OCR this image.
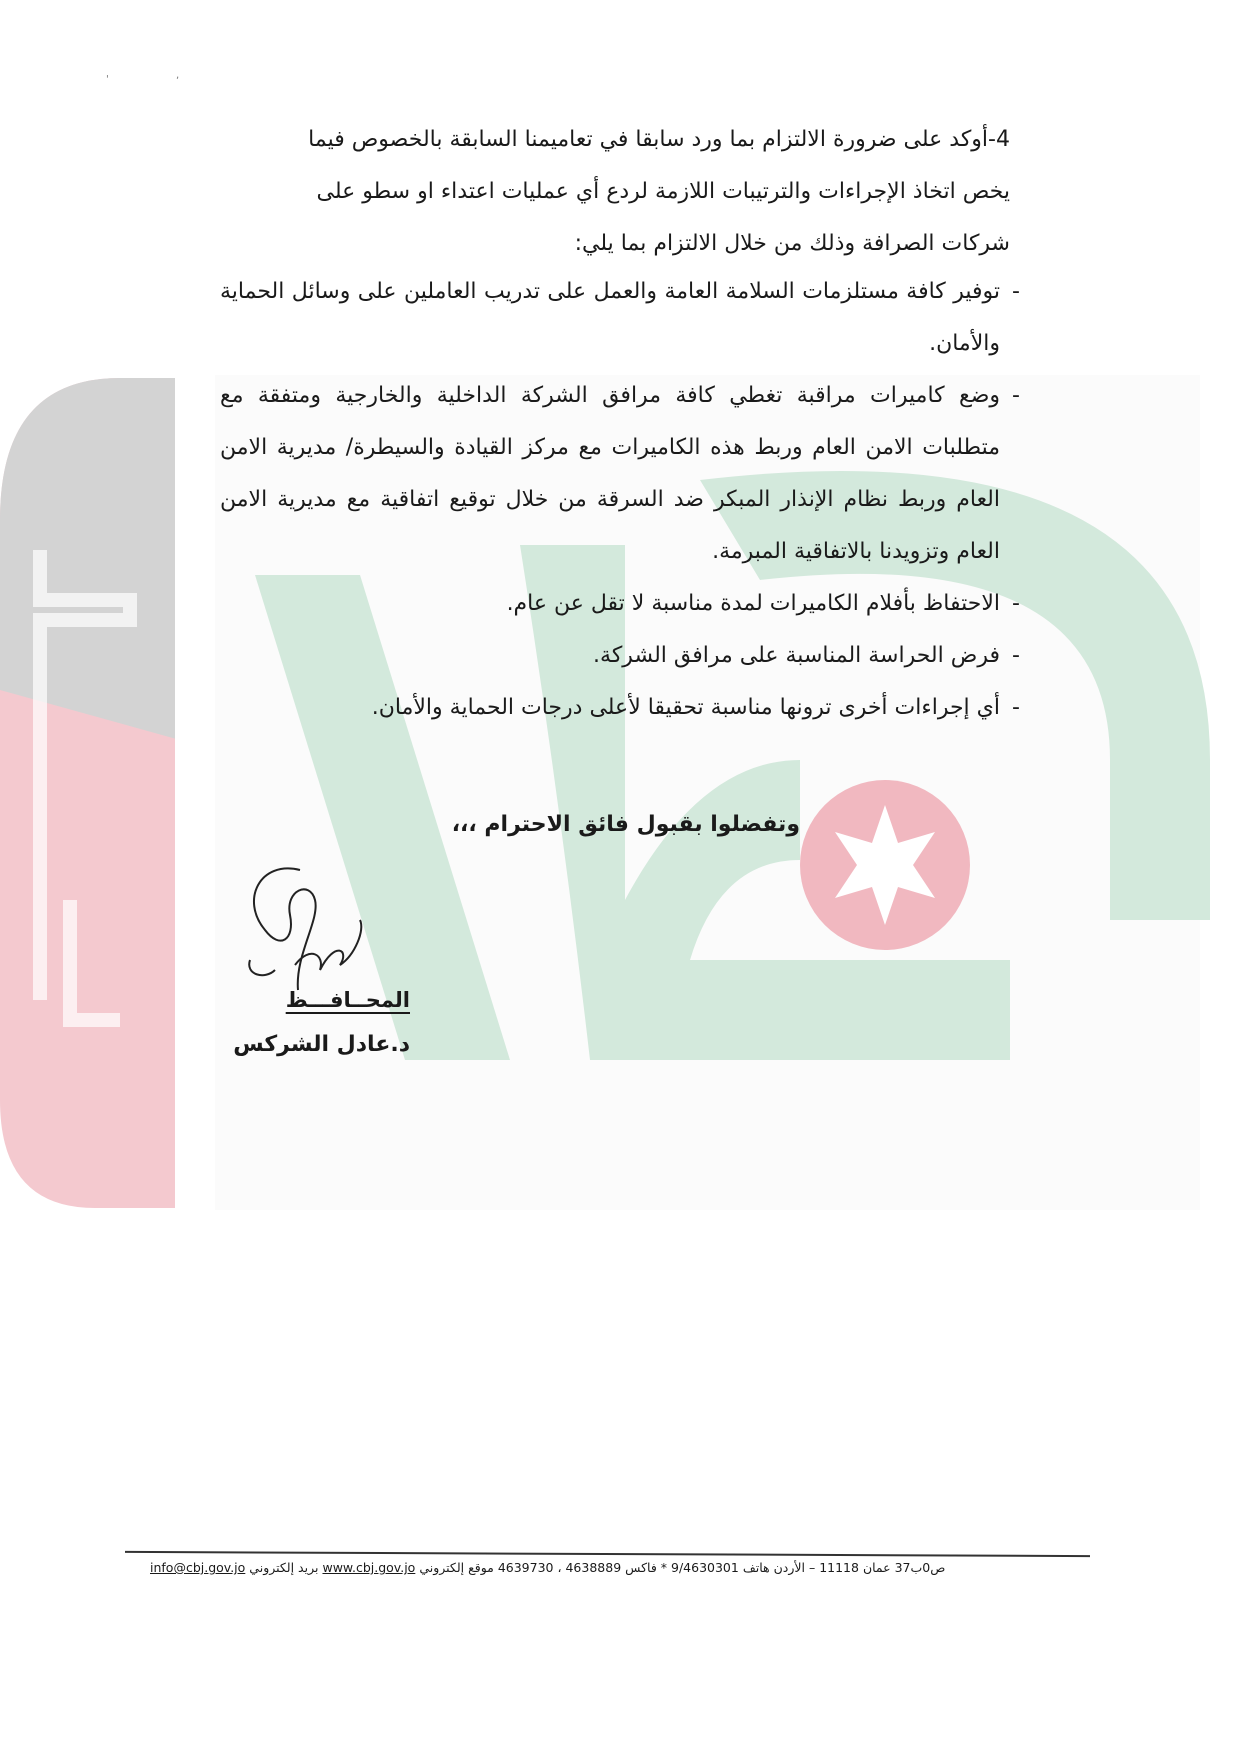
'	,

4-أوكد على ضرورة الالتزام بما ورد سابقا في تعاميمنا السابقة بالخصوص فيما

يخص اتخاذ الإجراءات والترتيبات اللازمة لردع أي عمليات اعتداء او سطو على

شركات الصرافة وذلك من خلال الالتزام بما يلي:

-
توفير كافة مستلزمات السلامة العامة والعمل على تدريب العاملين على وسائل الحماية والأمان.
-
وضع كاميرات مراقبة تغطي كافة مرافق الشركة الداخلية والخارجية ومتفقة مع متطلبات الامن العام وربط هذه الكاميرات مع مركز القيادة والسيطرة/ مديرية الامن العام وربط نظام الإنذار المبكر ضد السرقة من خلال توقيع اتفاقية مع مديرية الامن العام وتزويدنا بالاتفاقية المبرمة.
-
الاحتفاظ بأفلام الكاميرات لمدة مناسبة لا تقل عن عام.
-
فرض الحراسة المناسبة على مرافق الشركة.
-
أي إجراءات أخرى ترونها مناسبة تحقيقا لأعلى درجات الحماية والأمان.
وتفضلوا بقبول فائق الاحترام ،،،
المحــافـــظ
د.عادل الشركس
ص0ب37 عمان 11118 – الأردن هاتف 9/4630301 * فاكس 4638889 ، 4639730 موقع إلكتروني www.cbj.gov.jo بريد إلكتروني info@cbj.gov.jo
